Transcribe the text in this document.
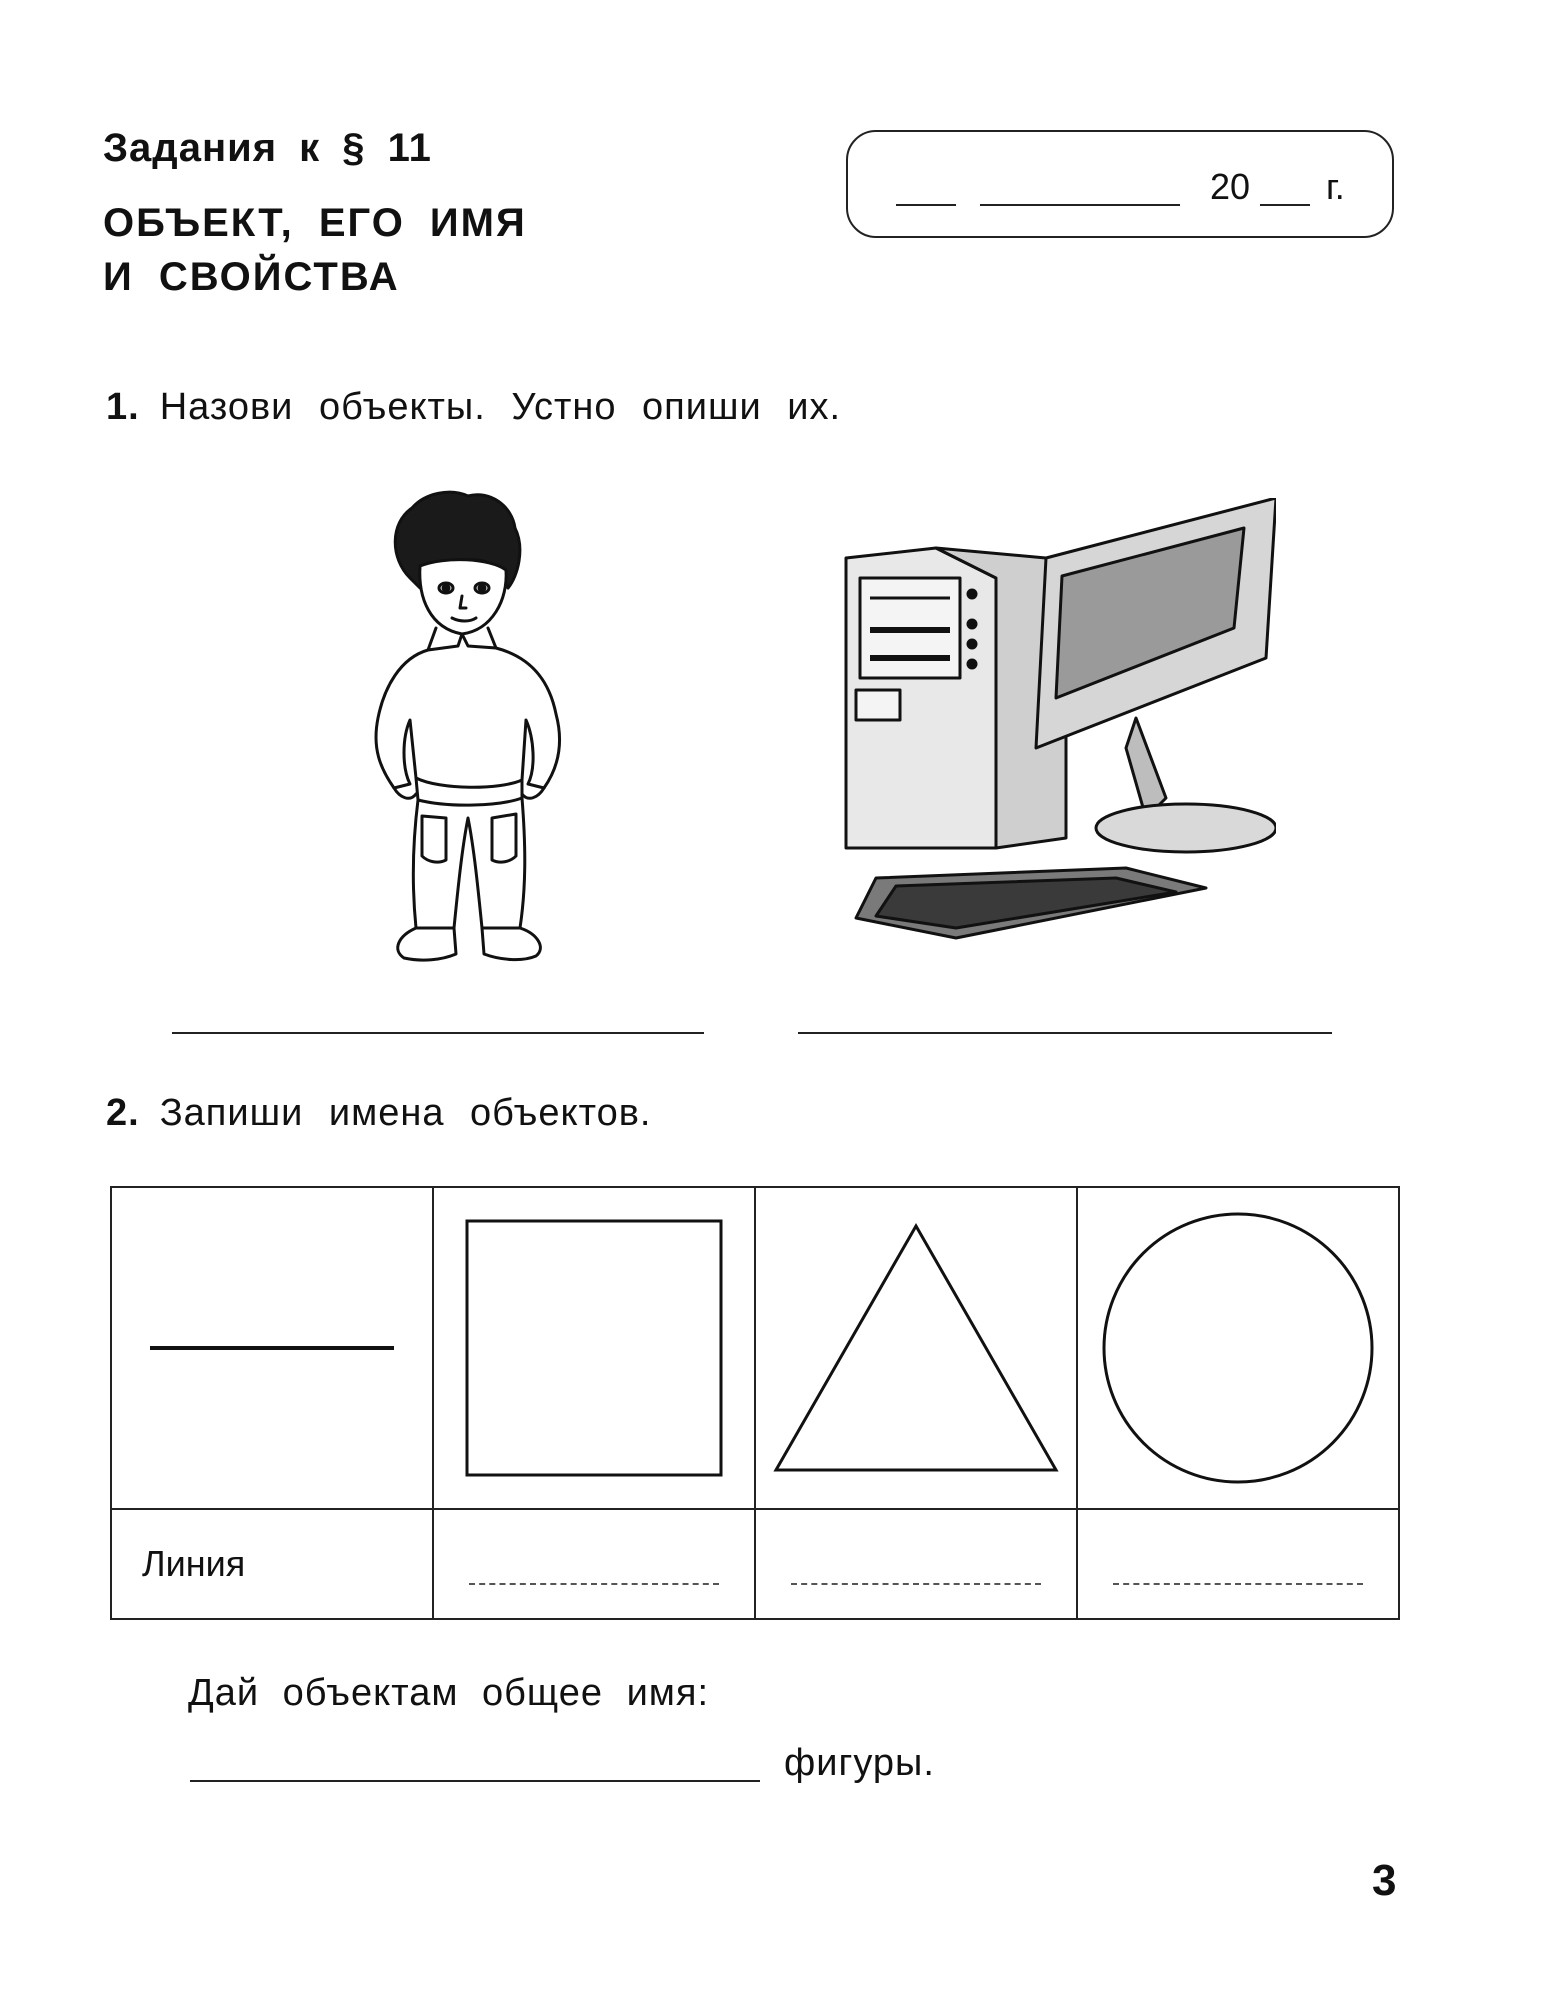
Задания к § 11
ОБЪЕКТ, ЕГО ИМЯ
И СВОЙСТВА
20 г.
1. Назови объекты. Устно опиши их.
2. Запиши имена объектов.

Линия			

Дай объектам общее имя:
фигуры.
3
